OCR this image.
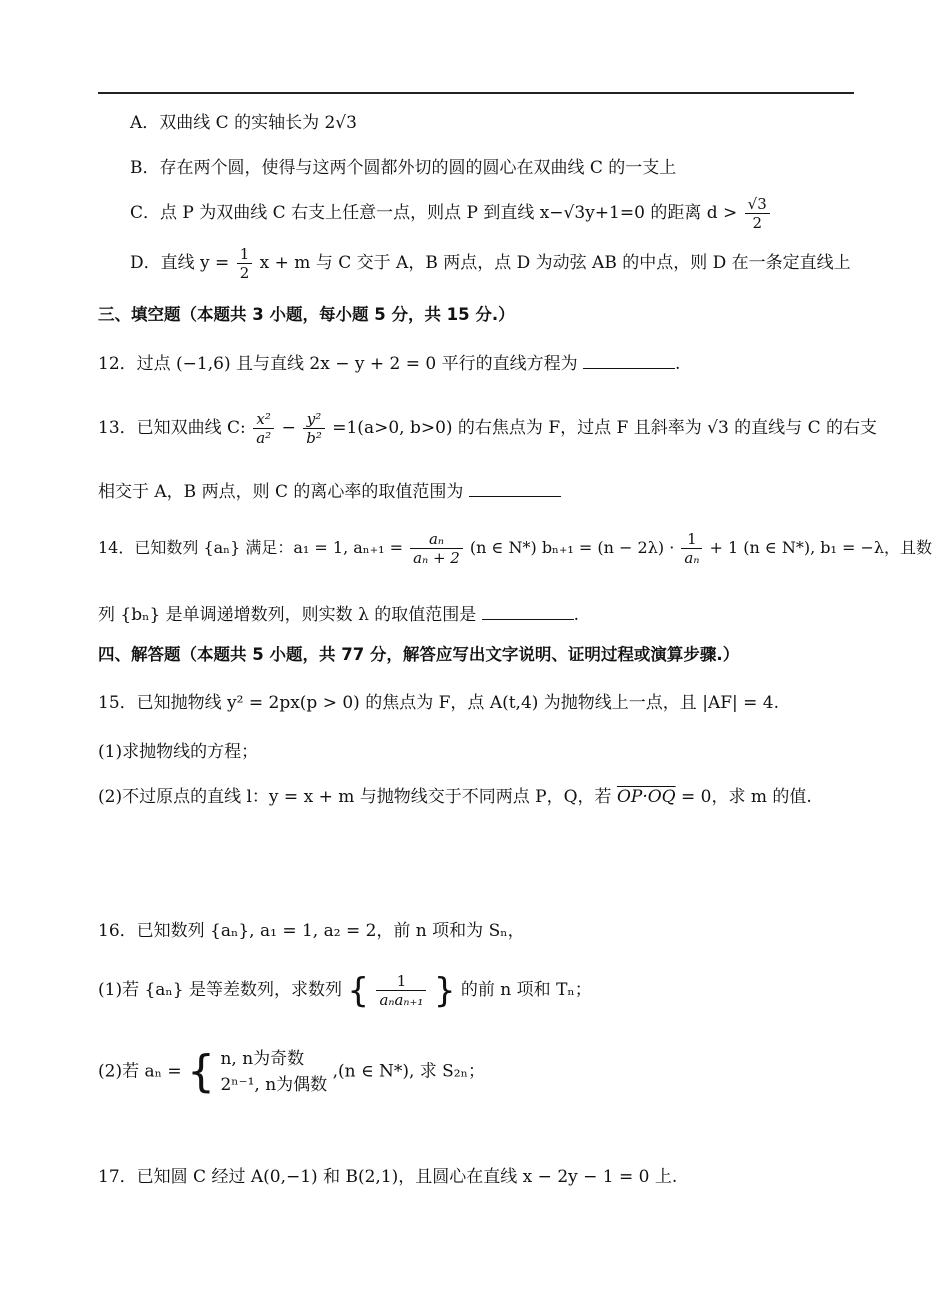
A．双曲线 C 的实轴长为 2√3
B．存在两个圆，使得与这两个圆都外切的圆的圆心在双曲线 C 的一支上
C．点 P 为双曲线 C 右支上任意一点，则点 P 到直线 x−√3y+1=0 的距离 $d > \frac{√3}{2}$
D．直线 $y = \frac{1}{2}$ x + m 与 C 交于 A，B 两点，点 D 为动弦 AB 的中点，则 D 在一条定直线上
三、填空题（本题共 3 小题，每小题 5 分，共 15 分.）
12．过点 (−1,6) 且与直线 2x − y + 2 = 0 平行的直线方程为	.
13．已知双曲线 C: $\frac{\text{x²}}{\text{a²}} - \frac{\text{y²}}{\text{b²}} =1(a>0$, b>0) 的右焦点为 F，过点 F 且斜率为 √3 的直线与 C 的右支
相交于 A，B 两点，则 C 的离心率的取值范围为
14．已知数列 {aₙ} 满足：a₁ = 1, $a_{n+1} = \frac{\text{aₙ}}{\text{aₙ + 2}} (n$ ∈ N*) $b_{n+1} = (n - 2\lambda) \cdot \frac{1}{\text{aₙ}} + 1$ (n ∈ N*), b₁ = −λ，且数
列 {bₙ} 是单调递增数列，则实数 λ 的取值范围是	.
四、解答题（本题共 5 小题，共 77 分，解答应写出文字说明、证明过程或演算步骤.）
15．已知抛物线 y² = 2px(p > 0) 的焦点为 F，点 A(t,4) 为抛物线上一点，且 |AF| = 4.
(1)求抛物线的方程；
(2)不过原点的直线 l：y = x + m 与抛物线交于不同两点 P，Q，若 OP·OQ = 0，求 m 的值.
16．已知数列 {aₙ}, a₁ = 1, a₂ = 2，前 n 项和为 Sₙ，
(1)若 {aₙ} 是等差数列，求数列 { $\frac{1}{\text{aₙaₙ₊₁}}$ } 的前 n 项和 Tₙ；
(2)若 aₙ = { n, n为奇数
2ⁿ⁻¹, n为偶数
,(n ∈ N*), 求 S₂ₙ；
17．已知圆 C 经过 A(0,−1) 和 B(2,1)，且圆心在直线 x − 2y − 1 = 0 上.
